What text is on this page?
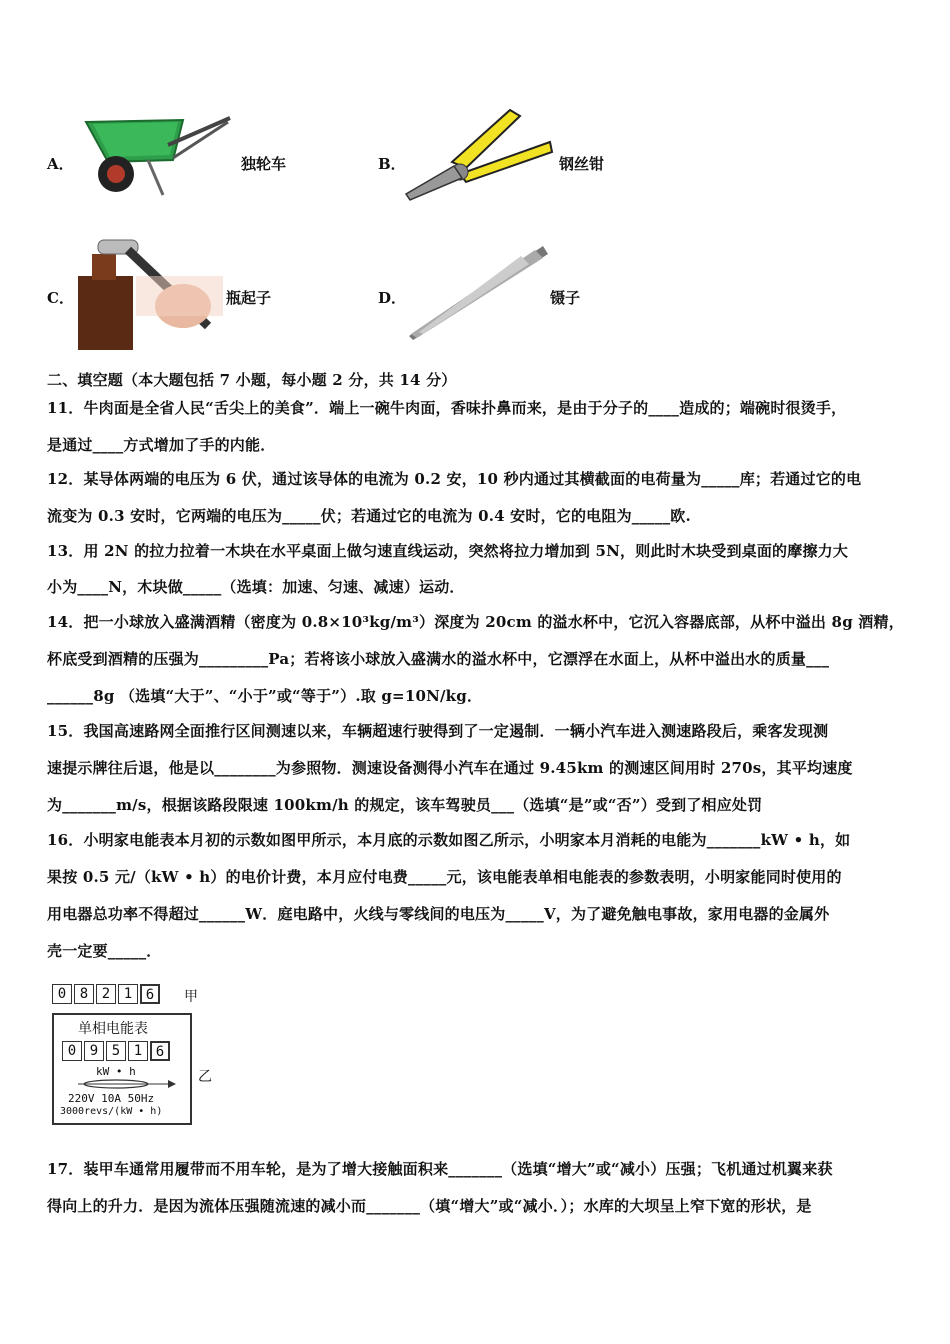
A．	独轮车	B．	钢丝钳
C．	瓶起子	D．	镊子
二、填空题（本大题包括 7 小题，每小题 2 分，共 14 分）
11．牛肉面是全省人民“舌尖上的美食”．端上一碗牛肉面，香味扑鼻而来，是由于分子的____造成的；端碗时很烫手，
是通过____方式增加了手的内能．
12．某导体两端的电压为 6 伏，通过该导体的电流为 0.2 安，10 秒内通过其横截面的电荷量为_____库；若通过它的电
流变为 0.3 安时，它两端的电压为_____伏；若通过它的电流为 0.4 安时，它的电阻为_____欧.
13．用 2N 的拉力拉着一木块在水平桌面上做匀速直线运动，突然将拉力增加到 5N，则此时木块受到桌面的摩擦力大
小为____N，木块做_____（选填：加速、匀速、减速）运动．
14．把一小球放入盛满酒精（密度为 0.8×10³kg/m³）深度为 20cm 的溢水杯中，它沉入容器底部，从杯中溢出 8g 酒精，
杯底受到酒精的压强为_________Pa；若将该小球放入盛满水的溢水杯中，它漂浮在水面上，从杯中溢出水的质量___
______8g （选填“大于”、“小于”或“等于”）.取 g=10N/kg．
15．我国高速路网全面推行区间测速以来，车辆超速行驶得到了一定遏制．一辆小汽车进入测速路段后，乘客发现测
速提示牌往后退，他是以________为参照物．测速设备测得小汽车在通过 9.45km 的测速区间用时 270s，其平均速度
为_______m/s，根据该路段限速 100km/h 的规定，该车驾驶员___（选填“是”或“否”）受到了相应处罚
16．小明家电能表本月初的示数如图甲所示，本月底的示数如图乙所示，小明家本月消耗的电能为_______kW • h，如
果按 0.5 元/（kW • h）的电价计费，本月应付电费_____元，该电能表单相电能表的参数表明，小明家能同时使用的
用电器总功率不得超过______W．庭电路中，火线与零线间的电压为_____V，为了避免触电事故，家用电器的金属外
壳一定要_____．
0 8 2 1 6	甲
单相电能表
0 9 5 1 6
kW • h
220V 10A 50Hz
3000revs/(kW • h)
乙
17．装甲车通常用履带而不用车轮，是为了增大接触面积来_______（选填“增大”或“减小）压强；飞机通过机翼来获
得向上的升力．是因为流体压强随流速的减小而_______（填“增大”或“减小．）；水库的大坝呈上窄下宽的形状，是
